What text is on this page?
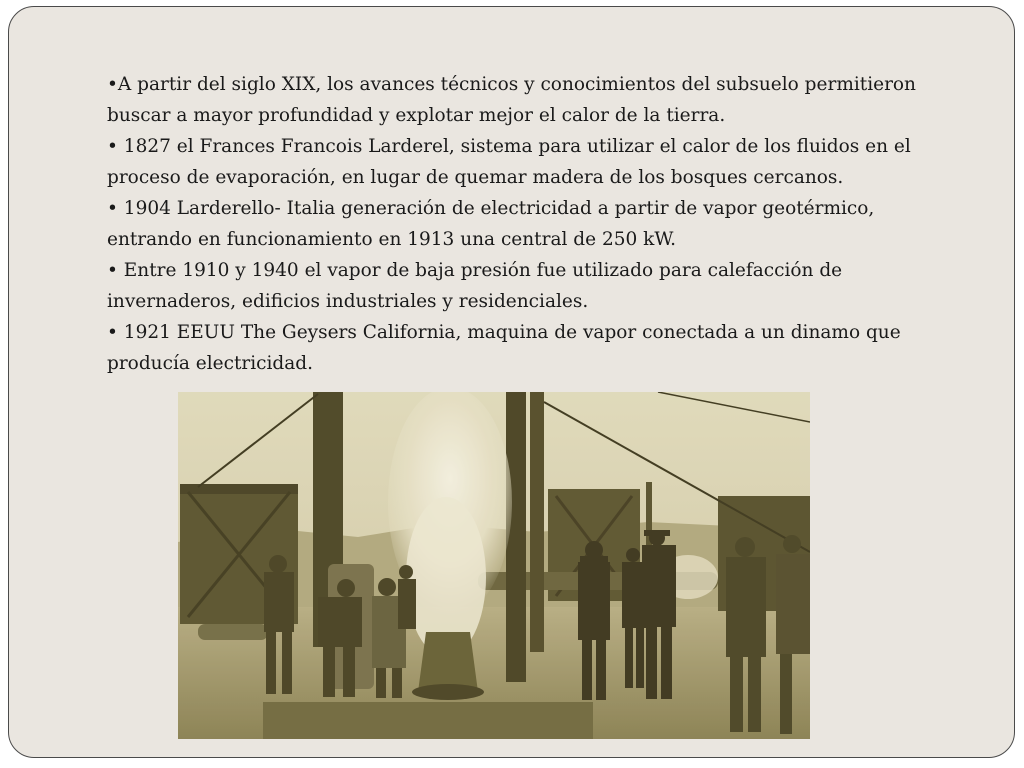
•A partir del siglo XIX, los avances técnicos y conocimientos del subsuelo permitieron buscar a mayor profundidad y explotar mejor el calor de la tierra.

• 1827 el Frances Francois Larderel, sistema para utilizar el calor de los fluidos en el proceso de evaporación, en lugar de quemar madera de los bosques cercanos.

• 1904 Larderello- Italia generación de electricidad a partir de vapor geotérmico, entrando en funcionamiento en 1913 una central de 250 kW.

• Entre 1910 y 1940 el vapor de baja presión fue utilizado para calefacción de invernaderos, edificios industriales y residenciales.

• 1921 EEUU The Geysers California, maquina de vapor conectada a un dinamo que producía electricidad.
